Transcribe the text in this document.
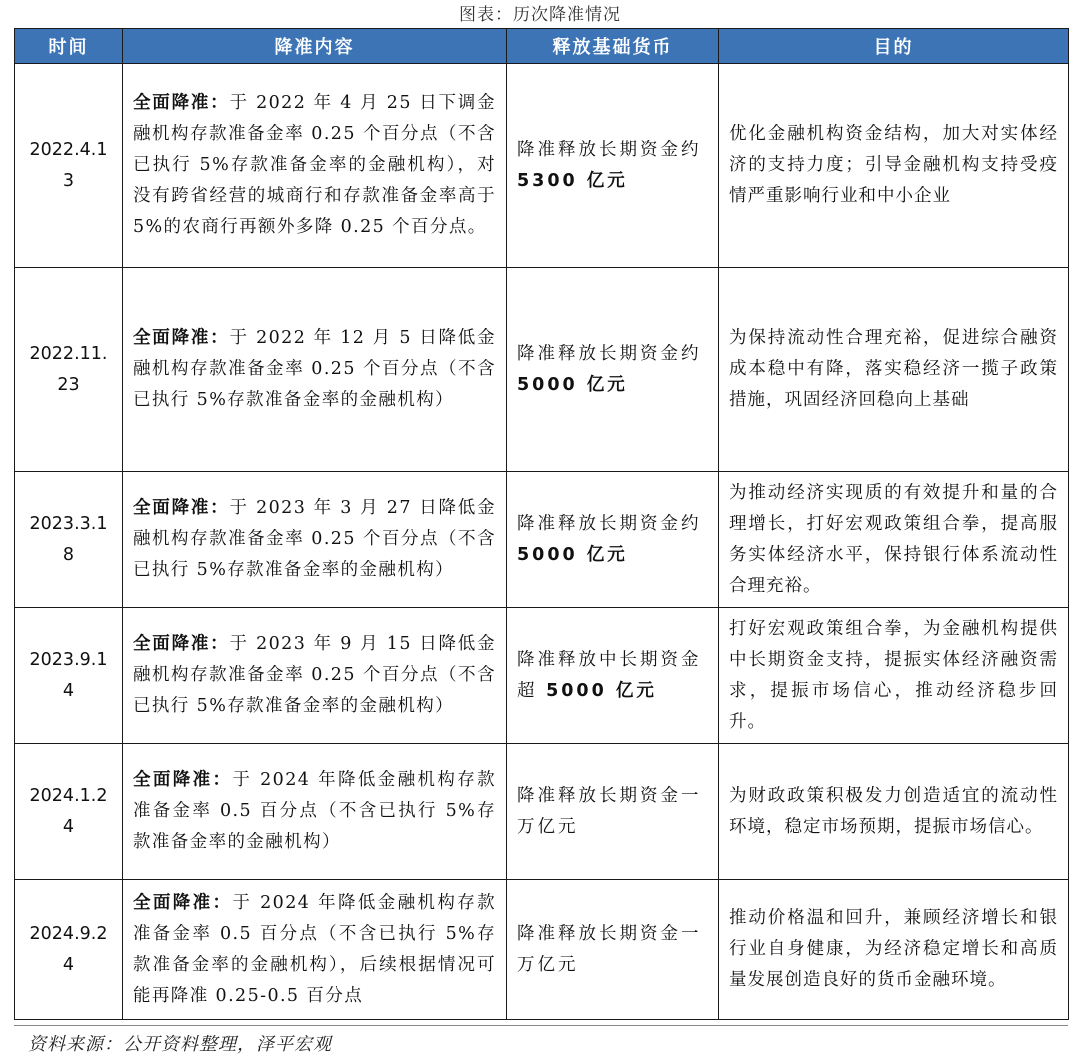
图表：历次降准情况
时间	降准内容	释放基础货币	目的
2022.4.13	全面降准：于 2022 年 4 月 25 日下调金融机构存款准备金率 0.25 个百分点（不含已执行 5%存款准备金率的金融机构），对没有跨省经营的城商行和存款准备金率高于 5%的农商行再额外多降 0.25 个百分点。	降准释放长期资金约 5300 亿元	优化金融机构资金结构，加大对实体经济的支持力度；引导金融机构支持受疫情严重影响行业和中小企业
2022.11.23	全面降准：于 2022 年 12 月 5 日降低金融机构存款准备金率 0.25 个百分点（不含已执行 5%存款准备金率的金融机构）	降准释放长期资金约 5000 亿元	为保持流动性合理充裕，促进综合融资成本稳中有降，落实稳经济一揽子政策措施，巩固经济回稳向上基础
2023.3.18	全面降准：于 2023 年 3 月 27 日降低金融机构存款准备金率 0.25 个百分点（不含已执行 5%存款准备金率的金融机构）	降准释放长期资金约 5000 亿元	为推动经济实现质的有效提升和量的合理增长，打好宏观政策组合拳，提高服务实体经济水平，保持银行体系流动性合理充裕。
2023.9.14	全面降准：于 2023 年 9 月 15 日降低金融机构存款准备金率 0.25 个百分点（不含已执行 5%存款准备金率的金融机构）	降准释放中长期资金超 5000 亿元	打好宏观政策组合拳，为金融机构提供中长期资金支持，提振实体经济融资需求，提振市场信心，推动经济稳步回升。
2024.1.24	全面降准：于 2024 年降低金融机构存款准备金率 0.5 百分点（不含已执行 5%存款准备金率的金融机构）	降准释放长期资金一万亿元	为财政政策积极发力创造适宜的流动性环境，稳定市场预期，提振市场信心。
2024.9.24	全面降准：于 2024 年降低金融机构存款准备金率 0.5 百分点（不含已执行 5%存款准备金率的金融机构），后续根据情况可能再降准 0.25-0.5 百分点	降准释放长期资金一万亿元	推动价格温和回升，兼顾经济增长和银行业自身健康，为经济稳定增长和高质量发展创造良好的货币金融环境。
资料来源：公开资料整理，泽平宏观
